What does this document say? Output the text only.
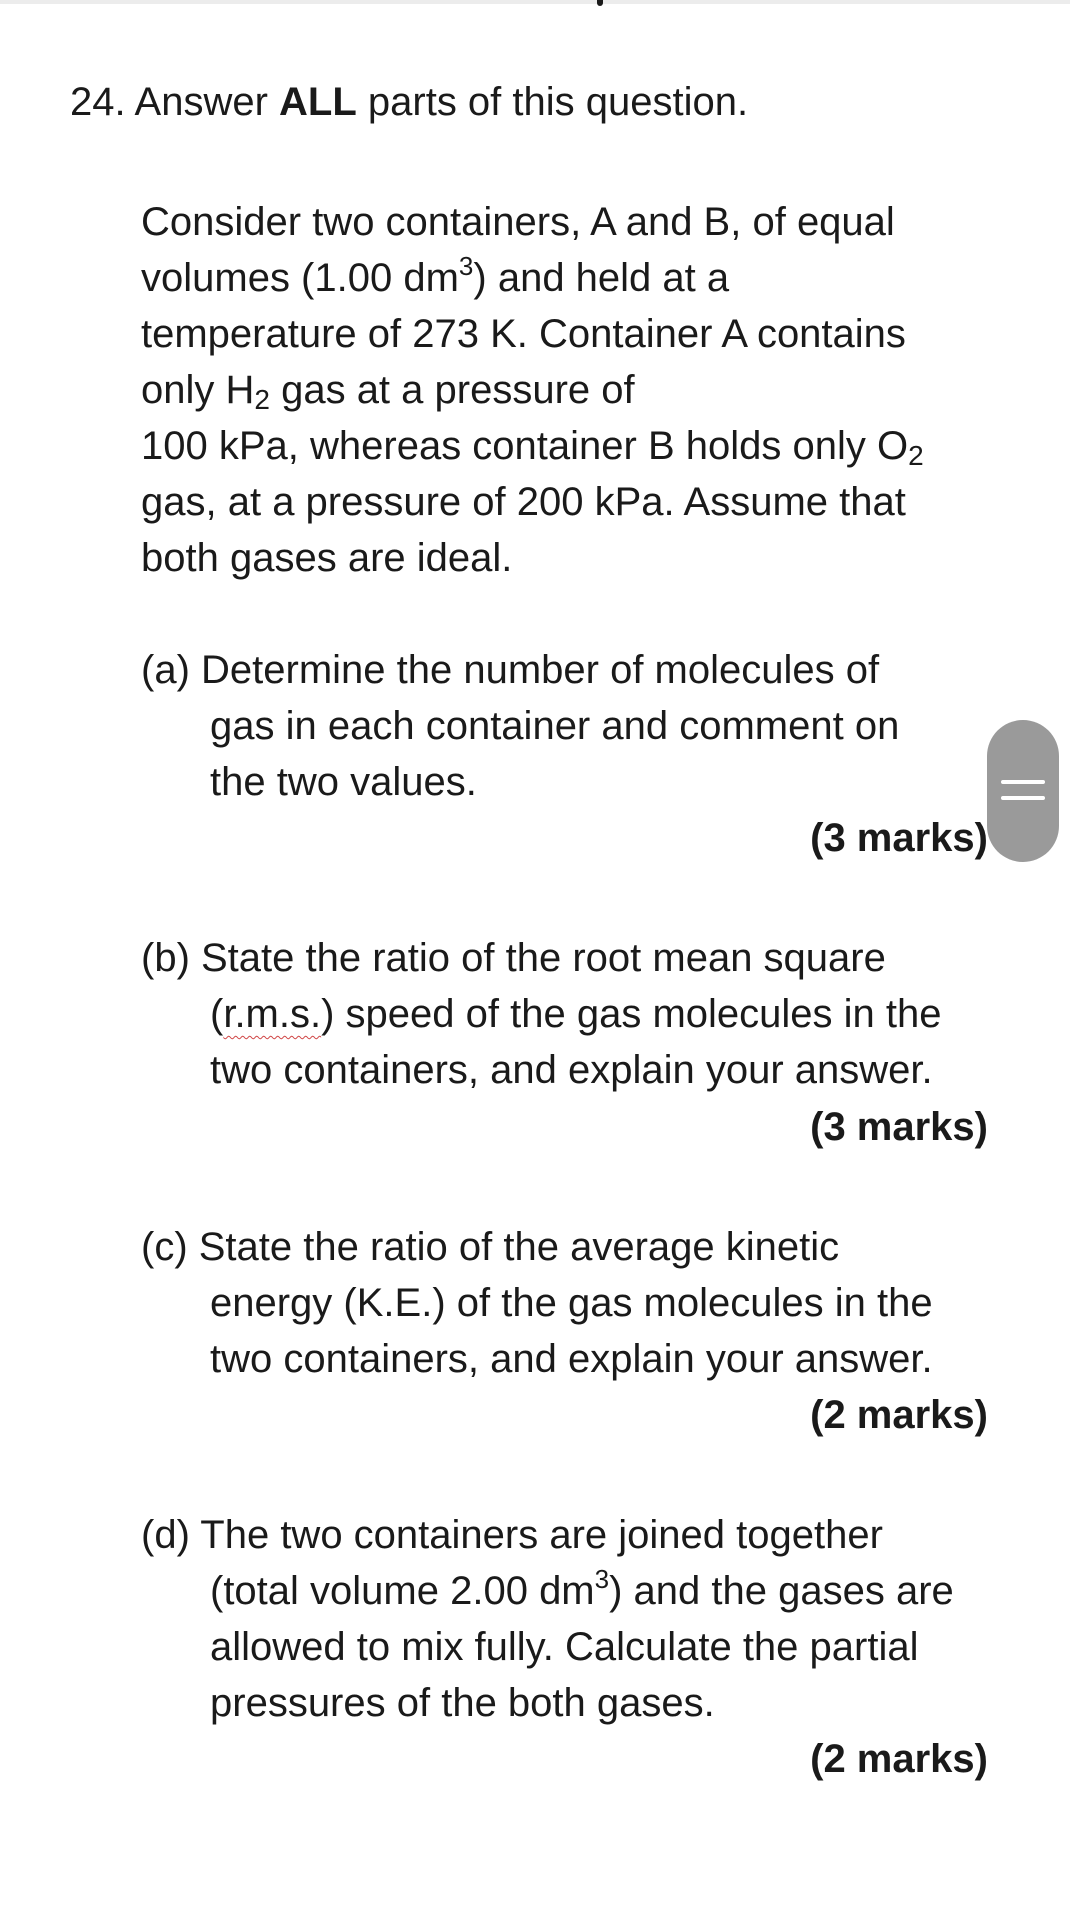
24. Answer ALL parts of this question.
Consider two containers, A and B, of equal
volumes (1.00 $dm^3$) and held at a
temperature of 273 K. Container A contains
only $H_2$ gas at a pressure of
100 kPa, whereas container B holds only $O_2$
gas, at a pressure of 200 kPa. Assume that
both gases are ideal.
(a) Determine the number of molecules of
gas in each container and comment on
the two values.
(3 marks)
(b) State the ratio of the root mean square
(r.m.s.) speed of the gas molecules in the
two containers, and explain your answer.
(3 marks)
(c) State the ratio of the average kinetic
energy (K.E.) of the gas molecules in the
two containers, and explain your answer.
(2 marks)
(d) The two containers are joined together
(total volume 2.00 $dm^3$) and the gases are
allowed to mix fully. Calculate the partial
pressures of the both gases.
(2 marks)
